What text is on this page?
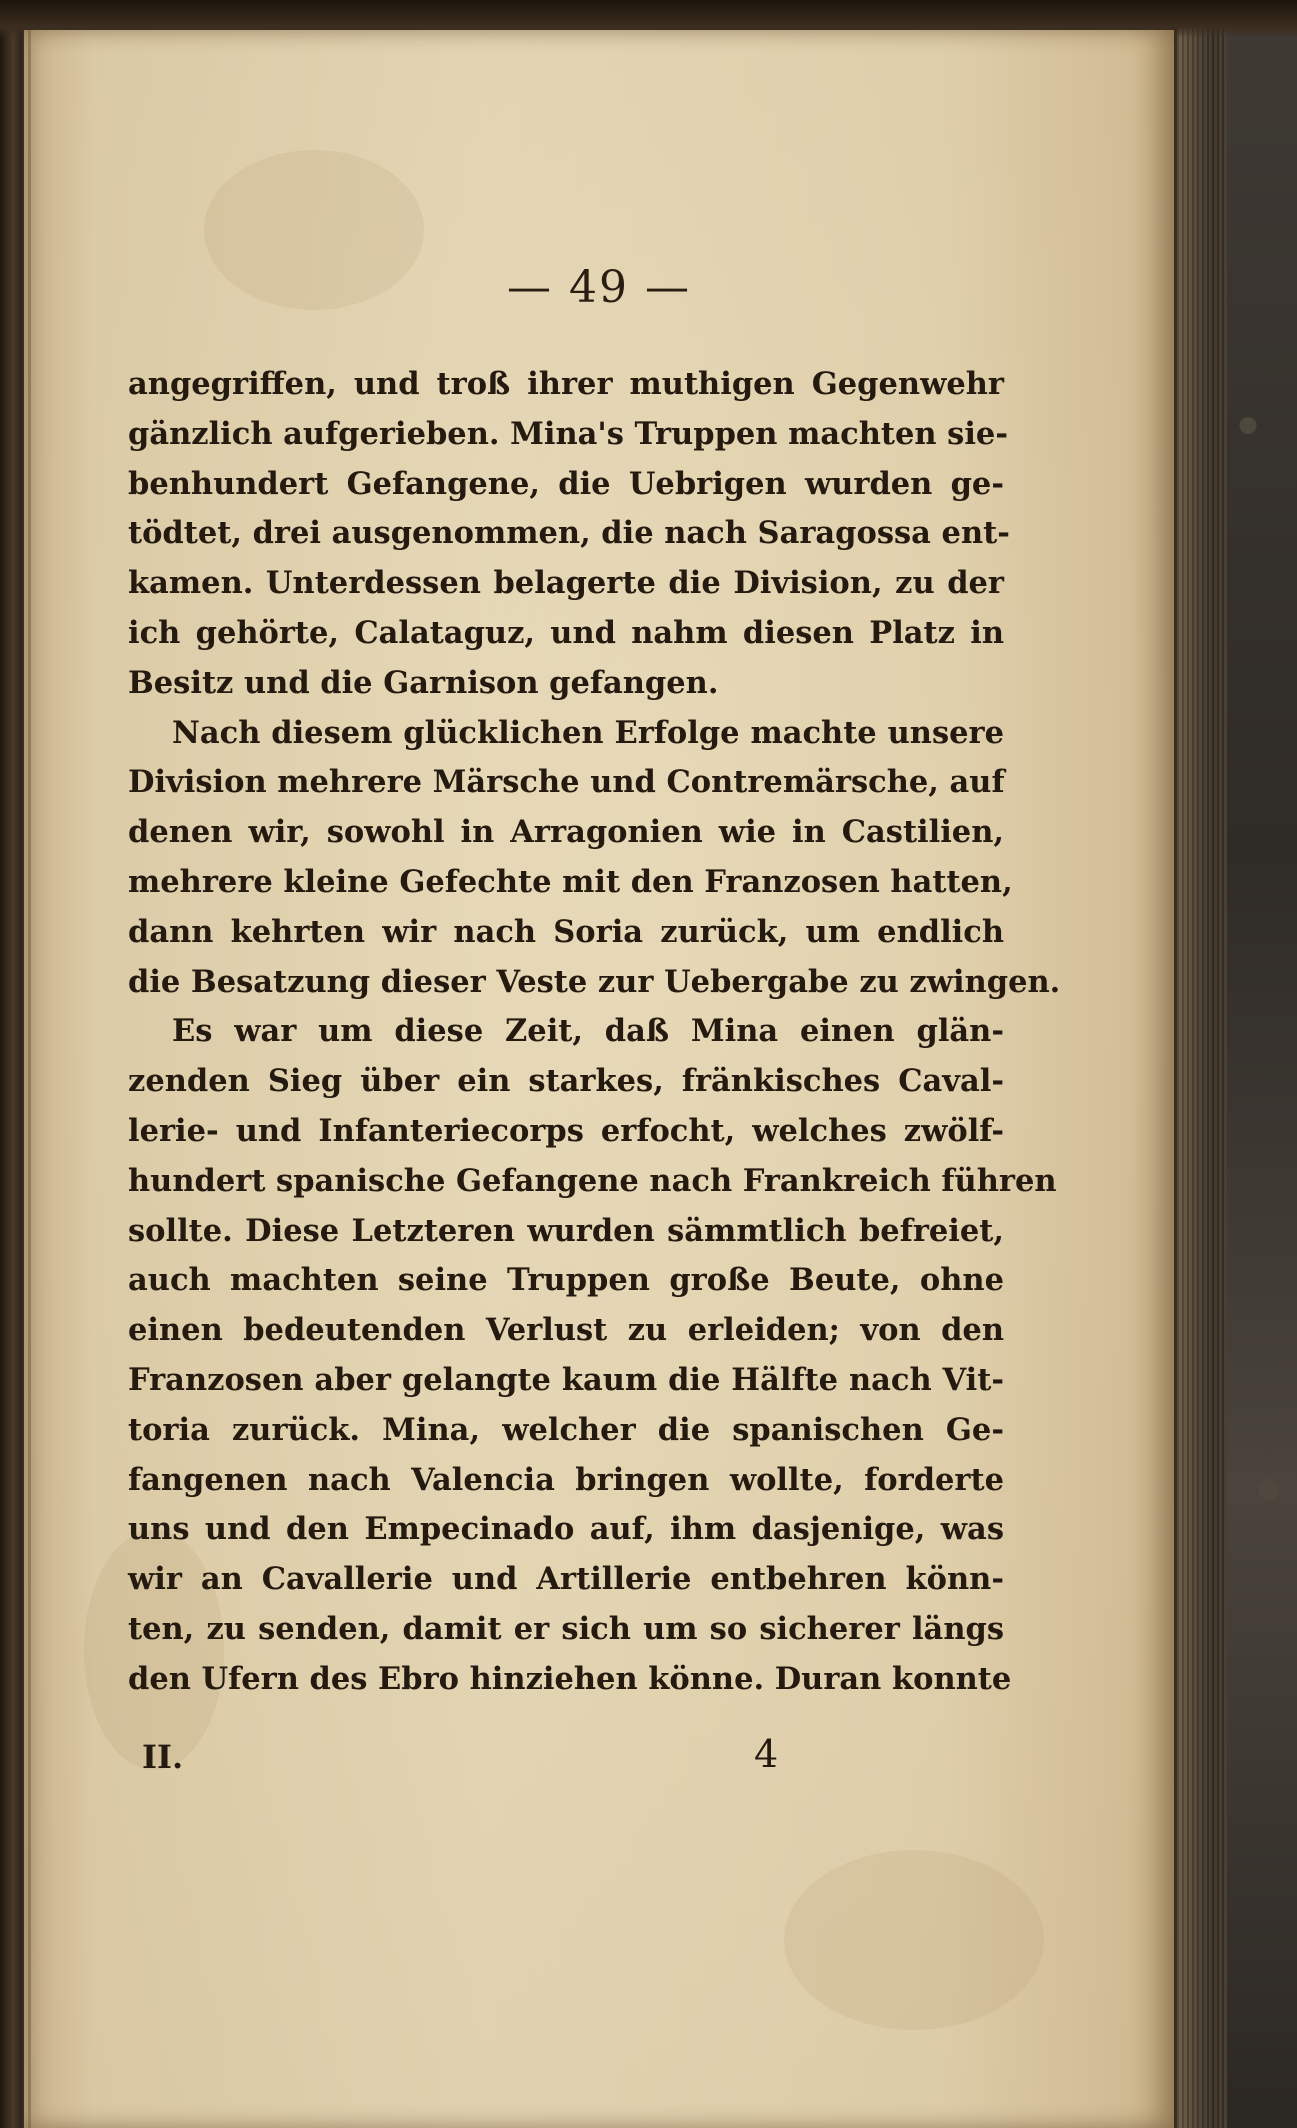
— 49 —
angegriffen, und troß ihrer muthigen Gegenwehr
gänzlich aufgerieben. Mina's Truppen machten sie-
benhundert Gefangene, die Uebrigen wurden ge-
tödtet, drei ausgenommen, die nach Saragossa ent-
kamen. Unterdessen belagerte die Division, zu der
ich gehörte, Calataguz, und nahm diesen Platz in
Besitz und die Garnison gefangen.
Nach diesem glücklichen Erfolge machte unsere
Division mehrere Märsche und Contremärsche, auf
denen wir, sowohl in Arragonien wie in Castilien,
mehrere kleine Gefechte mit den Franzosen hatten,
dann kehrten wir nach Soria zurück, um endlich
die Besatzung dieser Veste zur Uebergabe zu zwingen.
Es war um diese Zeit, daß Mina einen glän-
zenden Sieg über ein starkes, fränkisches Caval-
lerie- und Infanteriecorps erfocht, welches zwölf-
hundert spanische Gefangene nach Frankreich führen
sollte. Diese Letzteren wurden sämmtlich befreiet,
auch machten seine Truppen große Beute, ohne
einen bedeutenden Verlust zu erleiden; von den
Franzosen aber gelangte kaum die Hälfte nach Vit-
toria zurück. Mina, welcher die spanischen Ge-
fangenen nach Valencia bringen wollte, forderte
uns und den Empecinado auf, ihm dasjenige, was
wir an Cavallerie und Artillerie entbehren könn-
ten, zu senden, damit er sich um so sicherer längs
den Ufern des Ebro hinziehen könne. Duran konnte
II.	4
